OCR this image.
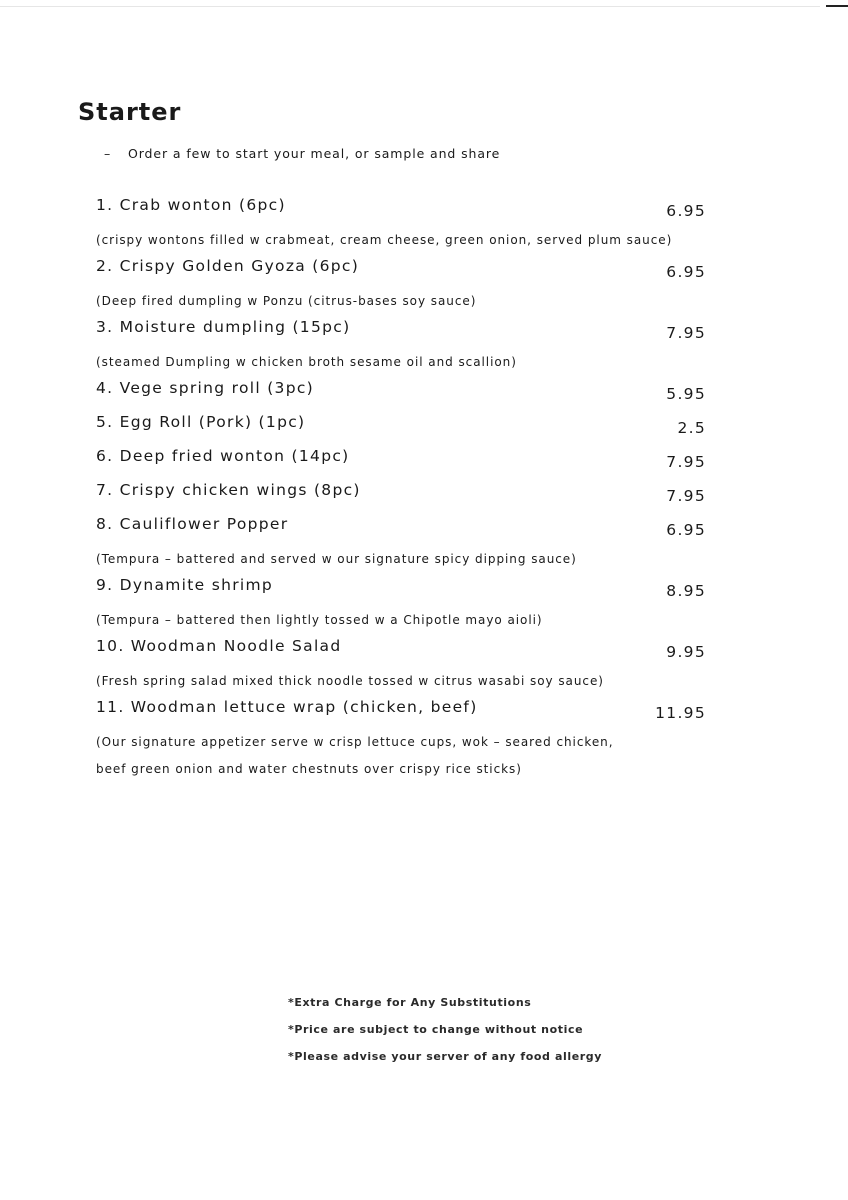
Starter
– Order a few to start your meal, or sample and share
1. Crab wonton (6pc)	6.95
(crispy wontons filled w crabmeat, cream cheese, green onion, served plum sauce)
2. Crispy Golden Gyoza (6pc)	6.95
(Deep fired dumpling w Ponzu (citrus-bases soy sauce)
3. Moisture dumpling (15pc)	7.95
(steamed Dumpling w chicken broth sesame oil and scallion)
4. Vege spring roll (3pc)	5.95
5. Egg Roll (Pork) (1pc)	2.5
6. Deep fried wonton (14pc)	7.95
7. Crispy chicken wings (8pc)	7.95
8. Cauliflower Popper	6.95
(Tempura – battered and served w our signature spicy dipping sauce)
9. Dynamite shrimp	8.95
(Tempura – battered then lightly tossed w a Chipotle mayo aioli)
10. Woodman Noodle Salad	9.95
(Fresh spring salad mixed thick noodle tossed w citrus wasabi soy sauce)
11. Woodman lettuce wrap (chicken, beef)	11.95
(Our signature appetizer serve w crisp lettuce cups, wok – seared chicken,
beef green onion and water chestnuts over crispy rice sticks)
*Extra Charge for Any Substitutions
*Price are subject to change without notice
*Please advise your server of any food allergy
